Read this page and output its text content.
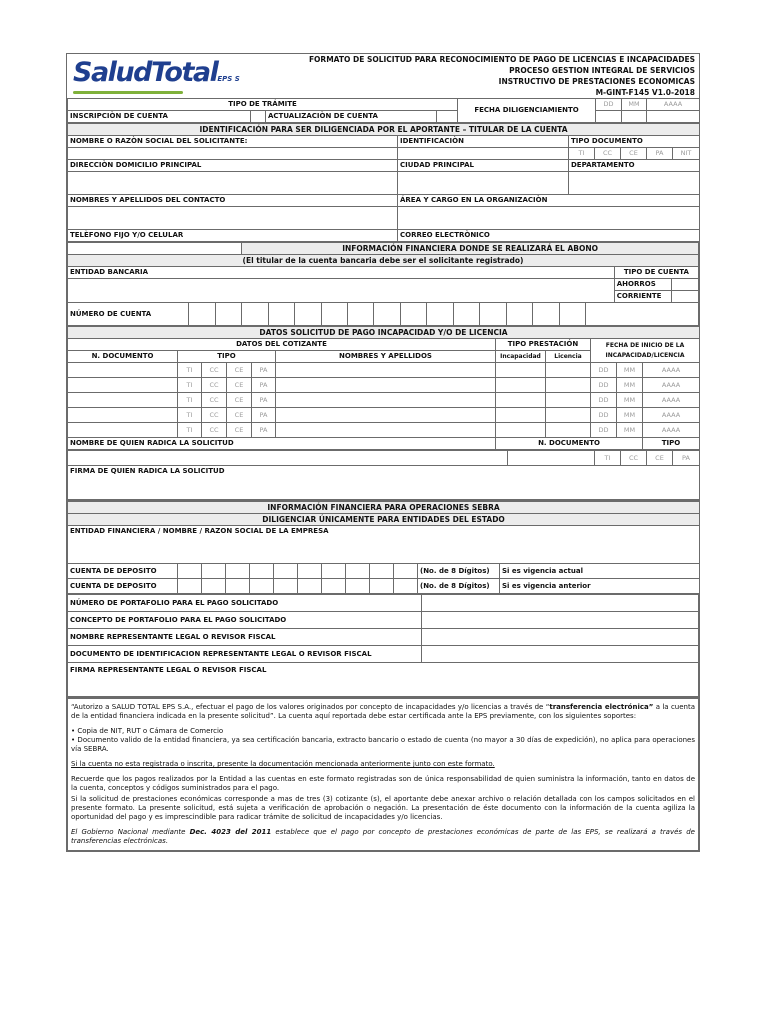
SaludTotalEPS S
	FORMATO DE SOLICITUD PARA RECONOCIMIENTO DE PAGO DE LICENCIAS E INCAPACIDADES
PROCESO GESTION INTEGRAL DE SERVICIOS
INSTRUCTIVO DE PRESTACIONES ECONOMICAS
M-GINT-F145 V1.0-2018
TIPO DE TRÁMITE				FECHA DILIGENCIAMIENTO	DD	MM	AAAA
INSCRIPCIÒN DE CUENTA		ACTUALIZACIÒN DE CUENTA					
IDENTIFICACIÓN PARA SER DILIGENCIADA POR EL APORTANTE – TITULAR DE LA CUENTA						
NOMBRE O RAZÒN SOCIAL DEL SOLICITANTE:	IDENTIFICACIÒN	TIPO DOCUMENTO				
		TI	CC	CE	PA	NIT
DIRECCIÒN DOMICILIO PRINCIPAL	CIUDAD PRINCIPAL	DEPARTAMENTO				

NOMBRES Y APELLIDOS DEL CONTACTO	ÁREA Y CARGO EN LA ORGANIZACIÒN					

TELÈFONO FIJO Y/O CELULAR	CORREO ELECTRÒNICO					
			INFORMACIÓN FINANCIERA DONDE SE REALIZARÁ EL ABONO															
(El titular de la cuenta bancaria debe ser el solicitante registrado)																		
ENTIDAD BANCARIA																	TIPO DE CUENTA	
																	AHORROS	
																	CORRIENTE	
NÚMERO DE CUENTA																		
DATOS SOLICITUD DE PAGO INCAPACIDAD Y/O DE LICENCIA										
DATOS DEL COTIZANTE						TIPO PRESTACIÓN		FECHA DE INICIO DE LA
INCAPACIDAD/LICENCIA		
N. DOCUMENTO	TIPO				NOMBRES Y APELLIDOS	Incapacidad	Licencia			
	TI	CC	CE	PA				DD	MM	AAAA
	TI	CC	CE	PA				DD	MM	AAAA
	TI	CC	CE	PA				DD	MM	AAAA
	TI	CC	CE	PA				DD	MM	AAAA
	TI	CC	CE	PA				DD	MM	AAAA
NOMBRE DE QUIEN RADICA LA SOLICITUD						N. DOCUMENTO				TIPO
		TI	CC	CE	PA
FIRMA DE QUIEN RADICA LA SOLICITUD
INFORMACIÓN FINANCIERA PARA OPERACIONES SEBRA												
DILIGENCIAR ÚNICAMENTE PARA ENTIDADES DEL ESTADO												
ENTIDAD FINANCIERA / NOMBRE / RAZON SOCIAL DE LA EMPRESA												
CUENTA DE DEPOSITO											(No. de 8 Dígitos)	Si es vigencia actual
CUENTA DE DEPOSITO											(No. de 8 Dígitos)	Si es vigencia anterior
NÚMERO DE PORTAFOLIO PARA EL PAGO SOLICITADO	
CONCEPTO DE PORTAFOLIO PARA EL PAGO SOLICITADO	
NOMBRE REPRESENTANTE LEGAL O REVISOR FISCAL	
DOCUMENTO DE IDENTIFICACION REPRESENTANTE LEGAL O REVISOR FISCAL	
FIRMA REPRESENTANTE LEGAL O REVISOR FISCAL	

“Autorizo a SALUD TOTAL EPS S.A., efectuar el pago de los valores originados por concepto de incapacidades y/o licencias a través de “transferencia electrónica” a la cuenta de la entidad financiera indicada en la presente solicitud”. La cuenta aquí reportada debe estar certificada ante la EPS previamente, con los siguientes soportes:

• Copia de NIT, RUT o Cámara de Comercio
• Documento valido de la entidad financiera, ya sea certificación bancaria, extracto bancario o estado de cuenta (no mayor a 30 días de expedición), no aplica para operaciones vía SEBRA.

Si la cuenta no esta registrada o inscrita, presente la documentación mencionada anteriormente junto con este formato.

Recuerde que los pagos realizados por la Entidad a las cuentas en este formato registradas son de única responsabilidad de quien suministra la información, tanto en datos de la cuenta, conceptos y códigos suministrados para el pago.

Si la solicitud de prestaciones económicas corresponde a mas de tres (3) cotizante (s), el aportante debe anexar archivo o relación detallada con los campos solicitados en el presente formato. La presente solicitud, está sujeta a verificación de aprobación o negación. La presentación de éste documento con la información de la cuenta agiliza la oportunidad del pago y es imprescindible para radicar trámite de solicitud de incapacidades y/o licencias.

El Gobierno Nacional mediante Dec. 4023 del 2011 establece que el pago por concepto de prestaciones económicas de parte de las EPS, se realizará a través de transferencias electrónicas.
